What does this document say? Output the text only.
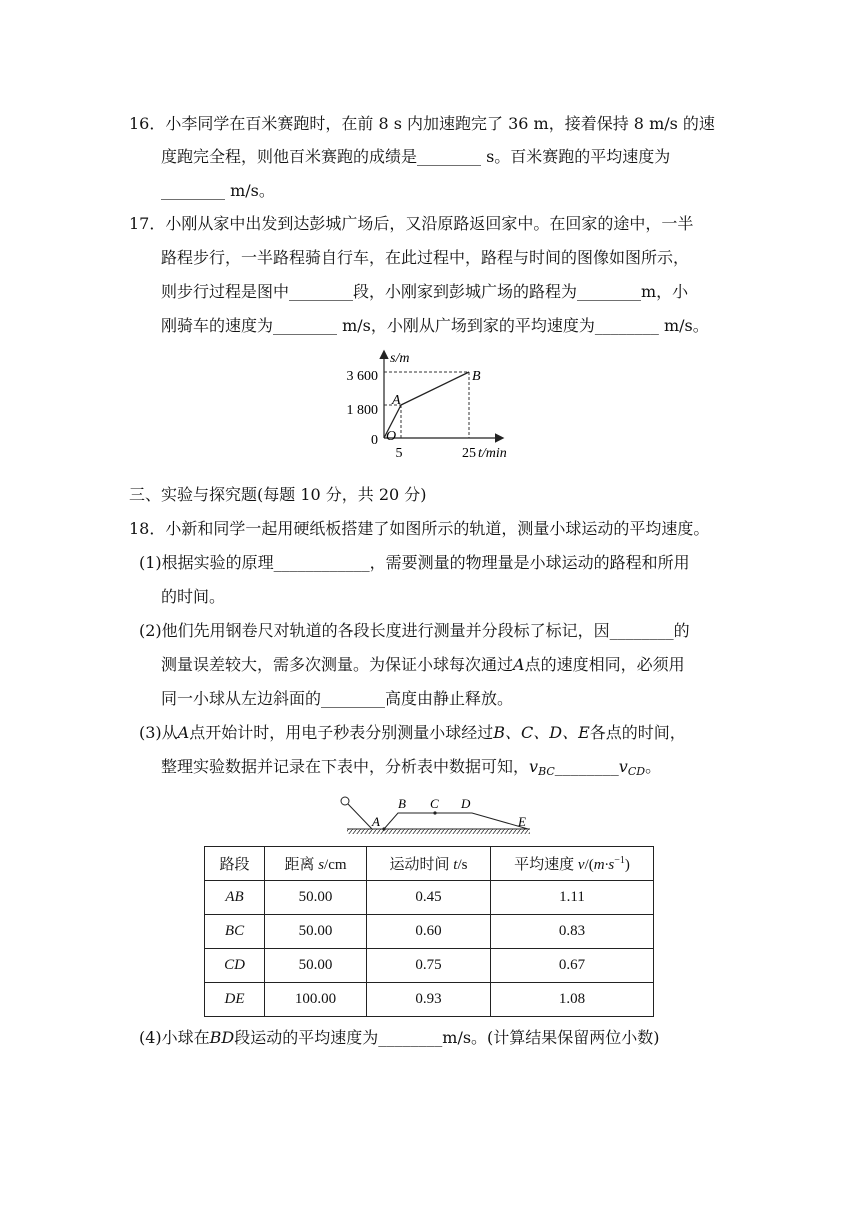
16．小李同学在百米赛跑时，在前 8 s 内加速跑完了 36 m，接着保持 8 m/s 的速
度跑完全程，则他百米赛跑的成绩是________ s。百米赛跑的平均速度为
________ m/s。
17．小刚从家中出发到达彭城广场后，又沿原路返回家中。在回家的途中，一半
路程步行，一半路程骑自行车，在此过程中，路程与时间的图像如图所示，
则步行过程是图中________段，小刚家到彭城广场的路程为________m，小
刚骑车的速度为________ m/s，小刚从广场到家的平均速度为________ m/s。
s/m
3 600
1 800
0 O
A
B
5	25 t/min
三、实验与探究题(每题 10 分，共 20 分)
18．小新和同学一起用硬纸板搭建了如图所示的轨道，测量小球运动的平均速度。
(1)根据实验的原理____________，需要测量的物理量是小球运动的路程和所用
的时间。
(2)他们先用钢卷尺对轨道的各段长度进行测量并分段标了标记，因________的
测量误差较大，需多次测量。为保证小球每次通过A点的速度相同，必须用
同一小球从左边斜面的________高度由静止释放。
(3)从A点开始计时，用电子秒表分别测量小球经过B、C、D、E各点的时间，
整理实验数据并记录在下表中，分析表中数据可知，$v_{BC}\_\_\_\_\_\_\_\_v_{CD}$。
A
B C D
E
路段	距离 s/cm	运动时间 t/s	平均速度 $v/(m\cdot s^{-1})$
AB	50.00	0.45	1.11
BC	50.00	0.60	0.83
CD	50.00	0.75	0.67
DE	100.00	0.93	1.08
(4)小球在BD段运动的平均速度为________m/s。(计算结果保留两位小数)
